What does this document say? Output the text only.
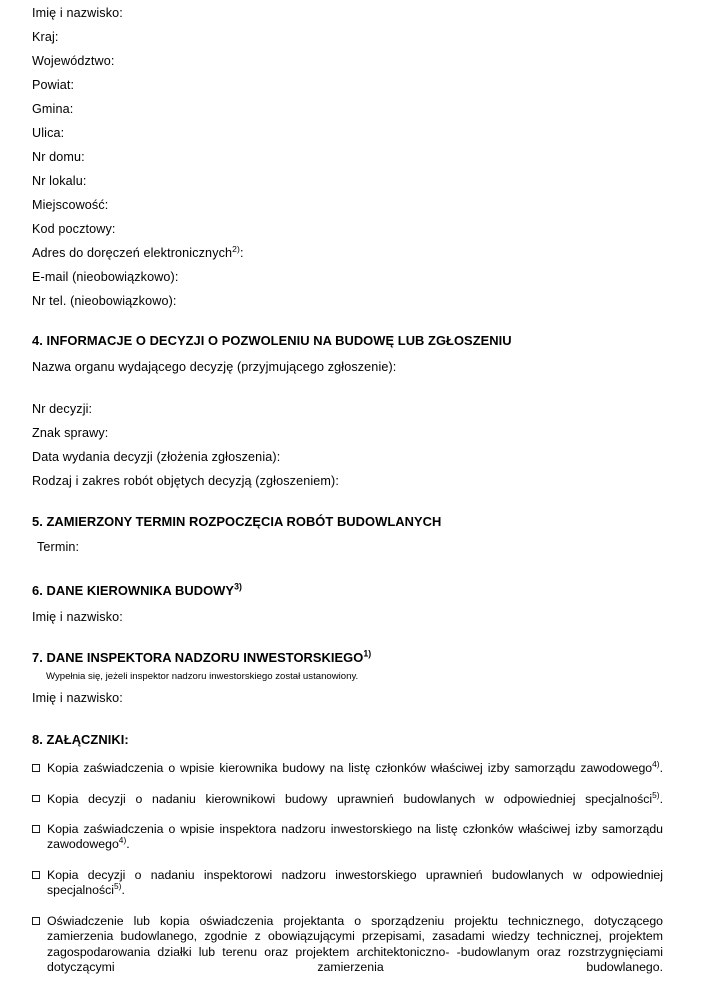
Imię i nazwisko:
Kraj:
Województwo:
Powiat:
Gmina:
Ulica:
Nr domu:
Nr lokalu:
Miejscowość:
Kod pocztowy:
Adres do doręczeń elektronicznych$^{2)}$:
E-mail (nieobowiązkowo):
Nr tel. (nieobowiązkowo):
4. INFORMACJE O DECYZJI O POZWOLENIU NA BUDOWĘ LUB ZGŁOSZENIU
Nazwa organu wydającego decyzję (przyjmującego zgłoszenie):
Nr decyzji:
Znak sprawy:
Data wydania decyzji (złożenia zgłoszenia):
Rodzaj i zakres robót objętych decyzją (zgłoszeniem):
5. ZAMIERZONY TERMIN ROZPOCZĘCIA ROBÓT BUDOWLANYCH
Termin:
6. DANE KIEROWNIKA BUDOWY$^{3)}$
Imię i nazwisko:
7. DANE INSPEKTORA NADZORU INWESTORSKIEGO$^{1)}$
Wypełnia się, jeżeli inspektor nadzoru inwestorskiego został ustanowiony.
Imię i nazwisko:
8. ZAŁĄCZNIKI:
Kopia zaświadczenia o wpisie kierownika budowy na listę członków właściwej izby samorządu zawodowego$^{4)}$.
Kopia decyzji o nadaniu kierownikowi budowy uprawnień budowlanych w odpowiedniej specjalności$^{5)}$.
Kopia zaświadczenia o wpisie inspektora nadzoru inwestorskiego na listę członków właściwej izby samorządu zawodowego$^{4)}$.
Kopia decyzji o nadaniu inspektorowi nadzoru inwestorskiego uprawnień budowlanych w odpowiedniej specjalności$^{5)}$.
Oświadczenie lub kopia oświadczenia projektanta o sporządzeniu projektu technicznego, dotyczącego zamierzenia budowlanego, zgodnie z obowiązującymi przepisami, zasadami wiedzy technicznej, projektem zagospodarowania działki lub terenu oraz projektem architektoniczno- -budowlanym oraz rozstrzygnięciami dotyczącymi zamierzenia budowlanego.
